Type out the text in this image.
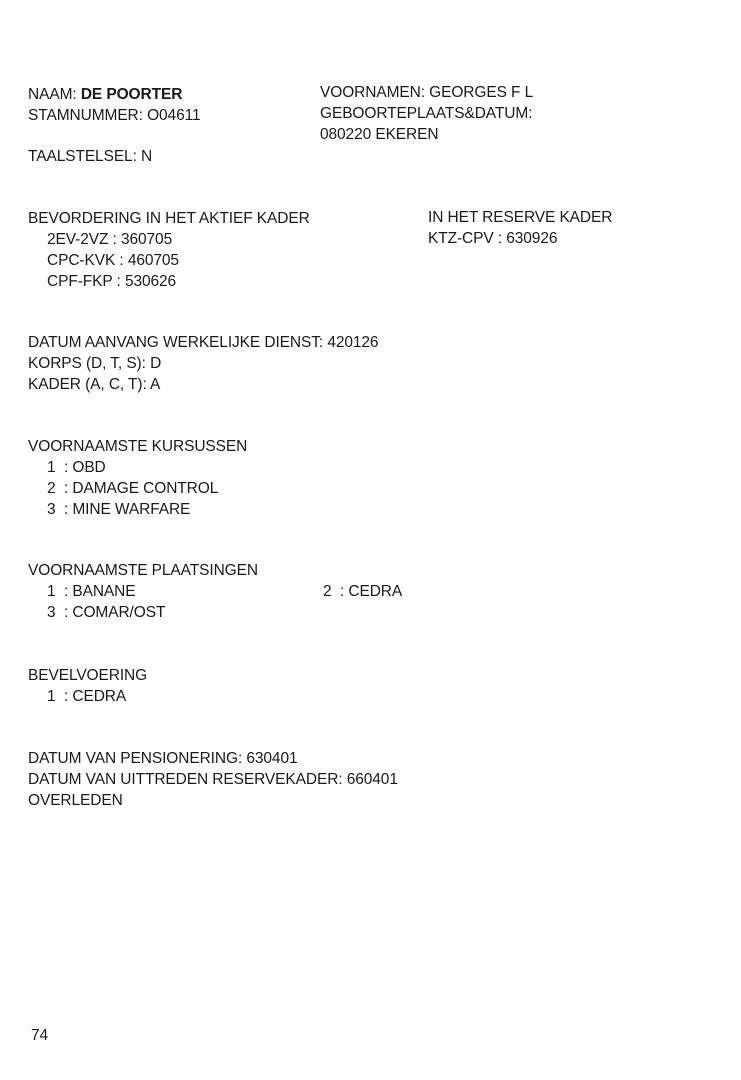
NAAM: DE POORTER
STAMNUMMER: O04611
VOORNAMEN: GEORGES F L
GEBOORTEPLAATS&DATUM:
080220 EKEREN
TAALSTELSEL: N
BEVORDERING IN HET AKTIEF KADER
2EV-2VZ : 360705
CPC-KVK : 460705
CPF-FKP : 530626
IN HET RESERVE KADER
KTZ-CPV : 630926
DATUM AANVANG WERKELIJKE DIENST: 420126
KORPS (D, T, S): D
KADER (A, C, T): A
VOORNAAMSTE KURSUSSEN
1 : OBD
2 : DAMAGE CONTROL
3 : MINE WARFARE
VOORNAAMSTE PLAATSINGEN
1 : BANANE	2 : CEDRA
3 : COMAR/OST
BEVELVOERING
1 : CEDRA
DATUM VAN PENSIONERING: 630401
DATUM VAN UITTREDEN RESERVEKADER: 660401
OVERLEDEN
74
